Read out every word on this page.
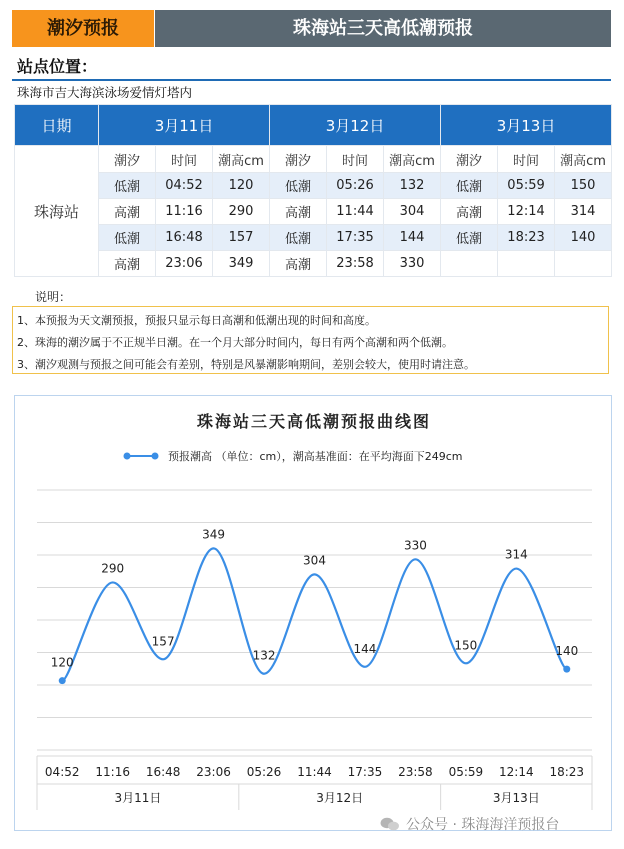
潮汐预报	珠海站三天高低潮预报
站点位置：
珠海市吉大海滨泳场爱情灯塔内
日期	3月11日			3月12日			3月13日		
珠海站	潮汐	时间	潮高cm	潮汐	时间	潮高cm	潮汐	时间	潮高cm
	低潮	04:52	120	低潮	05:26	132	低潮	05:59	150
	高潮	11:16	290	高潮	11:44	304	高潮	12:14	314
	低潮	16:48	157	低潮	17:35	144	低潮	18:23	140
	高潮	23:06	349	高潮	23:58	330			
说明：
1、本预报为天文潮预报，预报只显示每日高潮和低潮出现的时间和高度。
2、珠海的潮汐属于不正规半日潮。在一个月大部分时间内，每日有两个高潮和两个低潮。
3、潮汐观测与预报之间可能会有差别，特别是风暴潮影响期间，差别会较大，使用时请注意。
珠海站三天高低潮预报曲线图
预报潮高 （单位：cm），潮高基准面：在平均海面下249cm
120
290
157
349
132
304
144
330
150
314
140
04:52 11:16 16:48 23:06 05:26 11:44 17:35 23:58 05:59 12:14 18:23
3月11日	3月12日	3月13日
公众号 · 珠海海洋预报台
